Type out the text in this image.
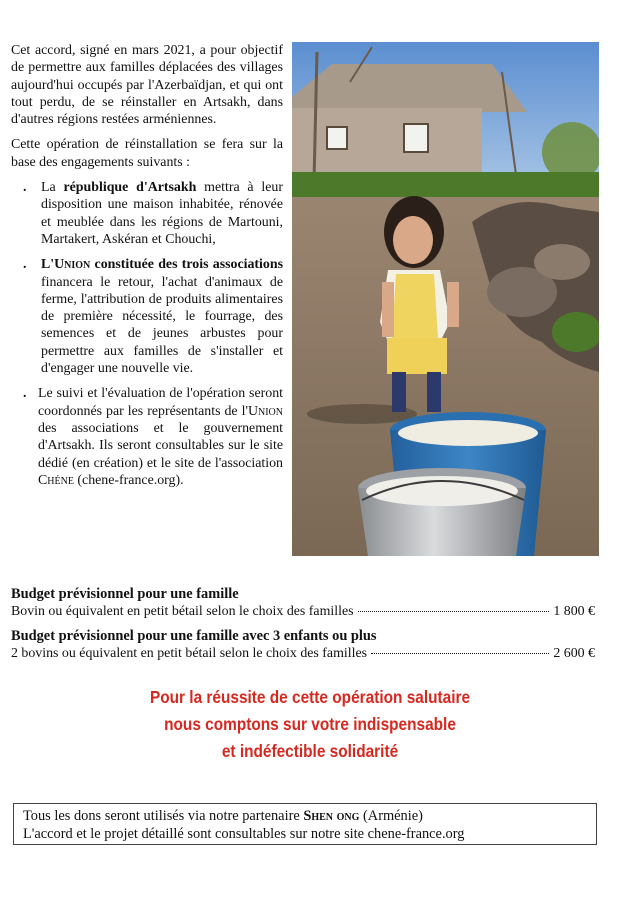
Cet accord, signé en mars 2021, a pour objectif de permettre aux familles déplacées des villages aujourd'hui occupés par l'Azerbaïdjan, et qui ont tout perdu, de se réinstaller en Artsakh, dans d'autres régions restées arméniennes.

Cette opération de réinstallation se fera sur la base des engagements suivants :

. La république d'Artsakh mettra à leur disposition une maison inhabitée, rénovée et meublée dans les régions de Martouni, Martakert, Askéran et Chouchi,
. L'Union constituée des trois associations financera le retour, l'achat d'animaux de ferme, l'attribution de produits alimentaires de première nécessité, le fourrage, des semences et de jeunes arbustes pour permettre aux familles de s'installer et d'engager une nouvelle vie.
. Le suivi et l'évaluation de l'opération seront coordonnés par les représentants de l'Union des associations et le gouvernement d'Artsakh. Ils seront consultables sur le site dédié (en création) et le site de l'association Chéne (chene-france.org).
Budget prévisionnel pour une famille
Bovin ou équivalent en petit bétail selon le choix des familles	1 800 €
Budget prévisionnel pour une famille avec 3 enfants ou plus
2 bovins ou équivalent en petit bétail selon le choix des familles	2 600 €
Pour la réussite de cette opération salutaire
nous comptons sur votre indispensable
et indéfectible solidarité
Tous les dons seront utilisés via notre partenaire Shen ong (Arménie)
L'accord et le projet détaillé sont consultables sur notre site chene-france.org
